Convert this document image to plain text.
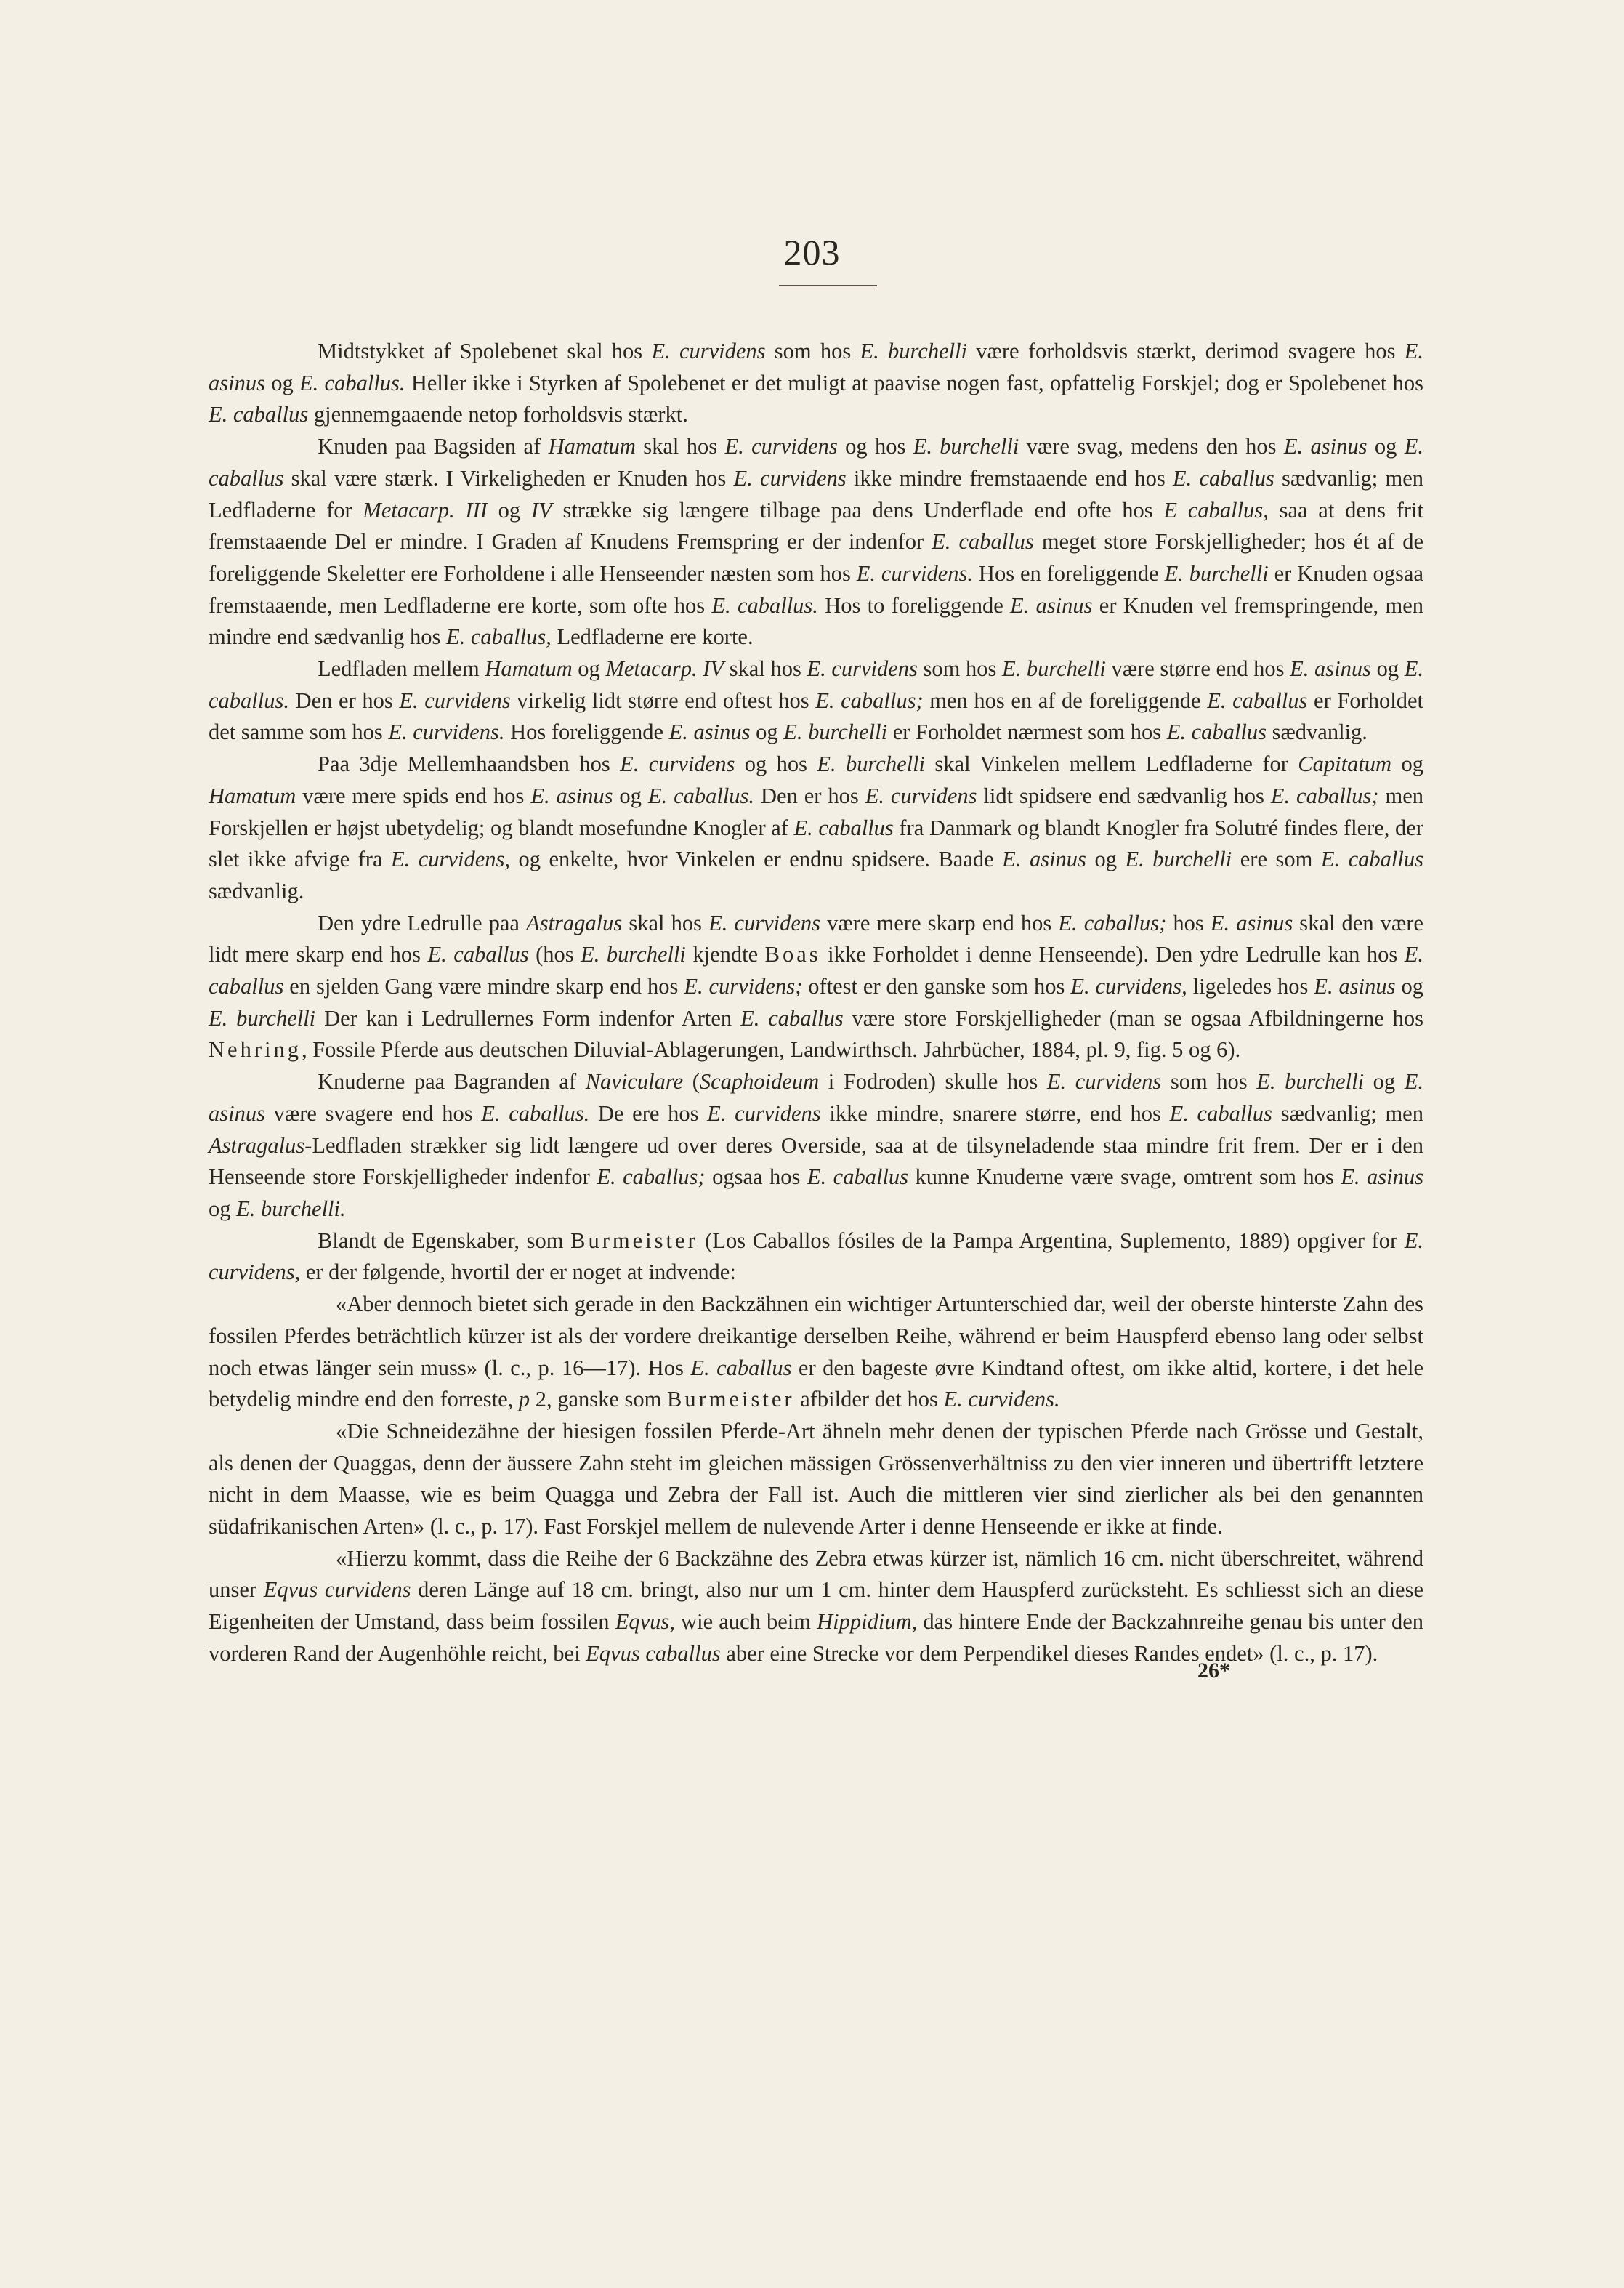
203

Midtstykket af Spolebenet skal hos E. curvidens som hos E. burchelli være forholdsvis stærkt, derimod svagere hos E. asinus og E. caballus. Heller ikke i Styrken af Spolebenet er det muligt at paavise nogen fast, opfattelig Forskjel; dog er Spolebenet hos E. caballus gjennemgaaende netop forholdsvis stærkt.

Knuden paa Bagsiden af Hamatum skal hos E. curvidens og hos E. burchelli være svag, medens den hos E. asinus og E. caballus skal være stærk. I Virkeligheden er Knuden hos E. curvidens ikke mindre fremstaaende end hos E. caballus sædvanlig; men Ledfladerne for Metacarp. III og IV strække sig længere tilbage paa dens Underflade end ofte hos E caballus, saa at dens frit fremstaaende Del er mindre. I Graden af Knudens Fremspring er der indenfor E. caballus meget store Forskjelligheder; hos ét af de foreliggende Skeletter ere Forholdene i alle Henseender næsten som hos E. curvidens. Hos en foreliggende E. burchelli er Knuden ogsaa fremstaaende, men Ledfladerne ere korte, som ofte hos E. caballus. Hos to foreliggende E. asinus er Knuden vel fremspringende, men mindre end sædvanlig hos E. caballus, Ledfladerne ere korte.

Ledfladen mellem Hamatum og Metacarp. IV skal hos E. curvidens som hos E. burchelli være større end hos E. asinus og E. caballus. Den er hos E. curvidens virkelig lidt større end oftest hos E. caballus; men hos en af de foreliggende E. caballus er Forholdet det samme som hos E. curvidens. Hos foreliggende E. asinus og E. burchelli er Forholdet nærmest som hos E. caballus sædvanlig.

Paa 3dje Mellemhaandsben hos E. curvidens og hos E. burchelli skal Vinkelen mellem Ledfladerne for Capitatum og Hamatum være mere spids end hos E. asinus og E. caballus. Den er hos E. curvidens lidt spidsere end sædvanlig hos E. caballus; men Forskjellen er højst ubetydelig; og blandt mosefundne Knogler af E. caballus fra Danmark og blandt Knogler fra Solutré findes flere, der slet ikke afvige fra E. curvidens, og enkelte, hvor Vinkelen er endnu spidsere. Baade E. asinus og E. burchelli ere som E. caballus sædvanlig.

Den ydre Ledrulle paa Astragalus skal hos E. curvidens være mere skarp end hos E. caballus; hos E. asinus skal den være lidt mere skarp end hos E. caballus (hos E. burchelli kjendte Boas ikke Forholdet i denne Henseende). Den ydre Ledrulle kan hos E. caballus en sjelden Gang være mindre skarp end hos E. curvidens; oftest er den ganske som hos E. curvidens, ligeledes hos E. asinus og E. burchelli Der kan i Ledrullernes Form indenfor Arten E. caballus være store Forskjelligheder (man se ogsaa Afbildningerne hos Nehring, Fossile Pferde aus deutschen Diluvial-Ablagerungen, Landwirthsch. Jahrbücher, 1884, pl. 9, fig. 5 og 6).

Knuderne paa Bagranden af Naviculare (Scaphoideum i Fodroden) skulle hos E. curvidens som hos E. burchelli og E. asinus være svagere end hos E. caballus. De ere hos E. curvidens ikke mindre, snarere større, end hos E. caballus sædvanlig; men Astragalus-Ledfladen strækker sig lidt længere ud over deres Overside, saa at de tilsyneladende staa mindre frit frem. Der er i den Henseende store Forskjelligheder indenfor E. caballus; ogsaa hos E. caballus kunne Knuderne være svage, omtrent som hos E. asinus og E. burchelli.

Blandt de Egenskaber, som Burmeister (Los Caballos fósiles de la Pampa Argentina, Suplemento, 1889) opgiver for E. curvidens, er der følgende, hvortil der er noget at indvende:

«Aber dennoch bietet sich gerade in den Backzähnen ein wichtiger Artunterschied dar, weil der oberste hinterste Zahn des fossilen Pferdes beträchtlich kürzer ist als der vordere dreikantige derselben Reihe, während er beim Hauspferd ebenso lang oder selbst noch etwas länger sein muss» (l. c., p. 16—17). Hos E. caballus er den bageste øvre Kindtand oftest, om ikke altid, kortere, i det hele betydelig mindre end den forreste, p 2, ganske som Burmeister afbilder det hos E. curvidens.

«Die Schneidezähne der hiesigen fossilen Pferde-Art ähneln mehr denen der typischen Pferde nach Grösse und Gestalt, als denen der Quaggas, denn der äussere Zahn steht im gleichen mässigen Grössenverhältniss zu den vier inneren und übertrifft letztere nicht in dem Maasse, wie es beim Quagga und Zebra der Fall ist. Auch die mittleren vier sind zierlicher als bei den genannten südafrikanischen Arten» (l. c., p. 17). Fast Forskjel mellem de nulevende Arter i denne Henseende er ikke at finde.

«Hierzu kommt, dass die Reihe der 6 Backzähne des Zebra etwas kürzer ist, nämlich 16 cm. nicht überschreitet, während unser Eqvus curvidens deren Länge auf 18 cm. bringt, also nur um 1 cm. hinter dem Hauspferd zurücksteht. Es schliesst sich an diese Eigenheiten der Umstand, dass beim fossilen Eqvus, wie auch beim Hippidium, das hintere Ende der Backzahnreihe genau bis unter den vorderen Rand der Augenhöhle reicht, bei Eqvus caballus aber eine Strecke vor dem Perpendikel dieses Randes endet» (l. c., p. 17).

26*
